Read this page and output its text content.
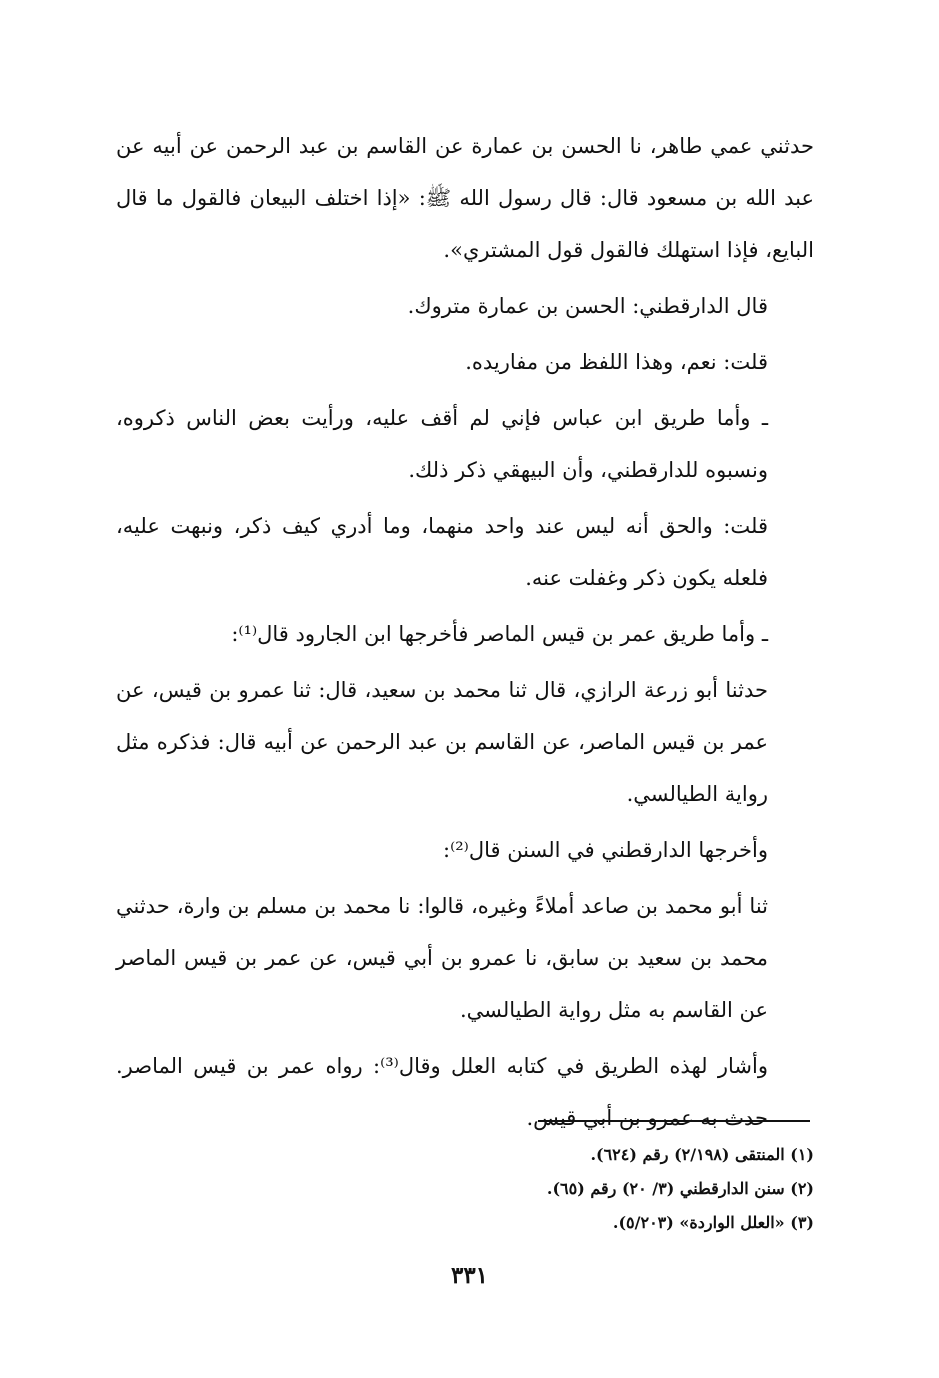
حدثني عمي طاهر، نا الحسن بن عمارة عن القاسم بن عبد الرحمن عن أبيه عن عبد الله بن مسعود قال: قال رسول الله ﷺ: «إذا اختلف البيعان فالقول ما قال البايع، فإذا استهلك فالقول قول المشتري».

قال الدارقطني: الحسن بن عمارة متروك.

قلت: نعم، وهذا اللفظ من مفاريده.

ـ وأما طريق ابن عباس فإني لم أقف عليه، ورأيت بعض الناس ذكروه، ونسبوه للدارقطني، وأن البيهقي ذكر ذلك.

قلت: والحق أنه ليس عند واحد منهما، وما أدري كيف ذكر، ونبهت عليه، فلعله يكون ذكر وغفلت عنه.

ـ وأما طريق عمر بن قيس الماصر فأخرجها ابن الجارود قال⁽¹⁾:

حدثنا أبو زرعة الرازي، قال ثنا محمد بن سعيد، قال: ثنا عمرو بن قيس، عن عمر بن قيس الماصر، عن القاسم بن عبد الرحمن عن أبيه قال: فذكره مثل رواية الطيالسي.

وأخرجها الدارقطني في السنن قال⁽²⁾:

ثنا أبو محمد بن صاعد أملاءً وغيره، قالوا: نا محمد بن مسلم بن وارة، حدثني محمد بن سعيد بن سابق، نا عمرو بن أبي قيس، عن عمر بن قيس الماصر عن القاسم به مثل رواية الطيالسي.

وأشار لهذه الطريق في كتابه العلل وقال⁽³⁾: رواه عمر بن قيس الماصر. حدث به عمرو بن أبي قيس.

(١) المنتقى (٢/١٩٨) رقم (٦٢٤).

(٢) سنن الدارقطني (٣/ ٢٠) رقم (٦٥).

(٣) «العلل الواردة» (٥/٢٠٣).

٣٣١
